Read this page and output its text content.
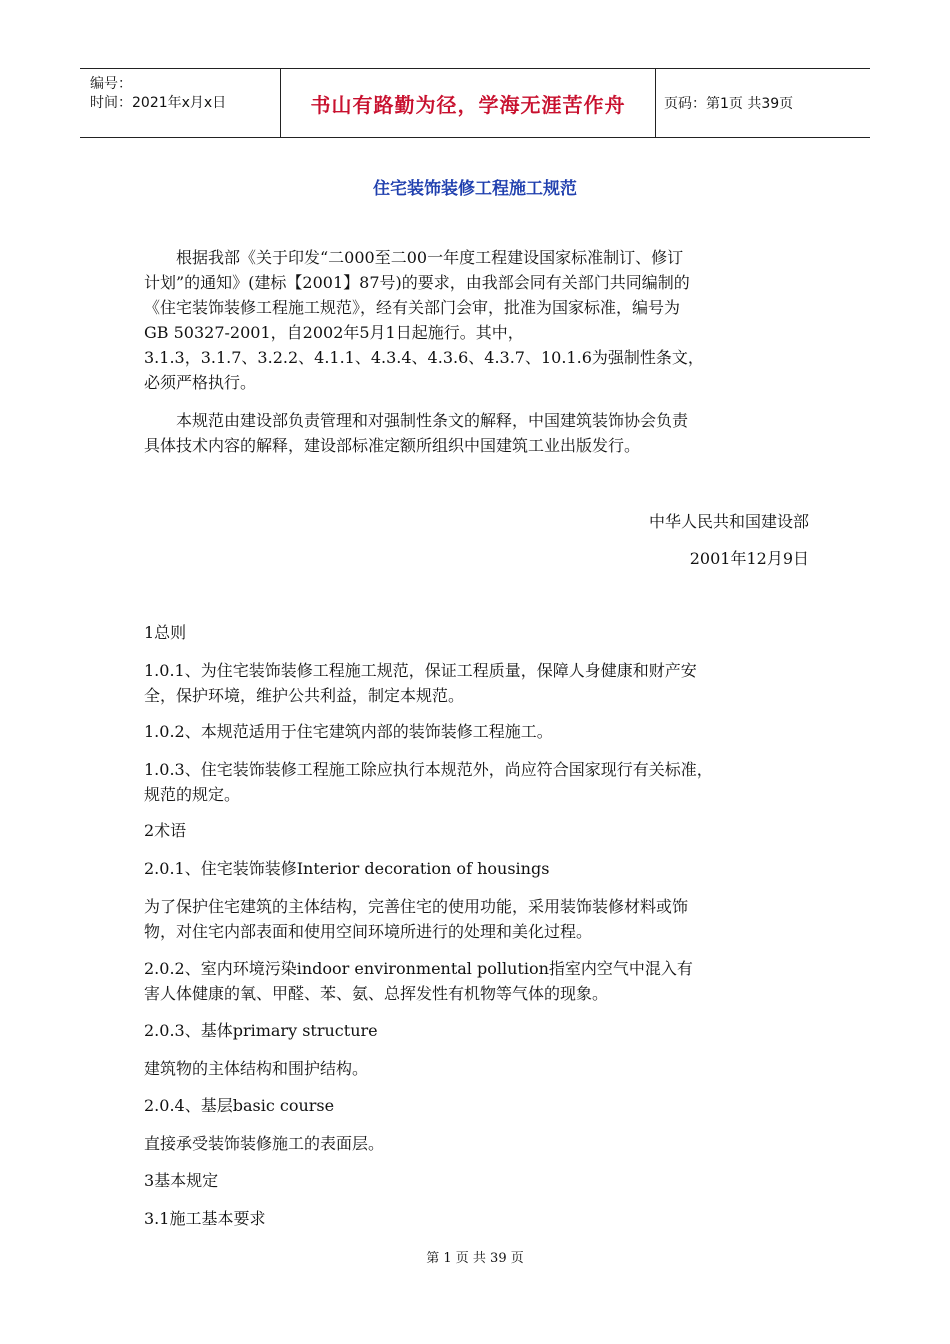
编号：
时间：2021年x月x日	书山有路勤为径，学海无涯苦作舟	页码：第1页 共39页
住宅装饰装修工程施工规范
根据我部《关于印发“二000至二00一年度工程建设国家标准制订、修订
计划”的通知》(建标【2001】87号)的要求，由我部会同有关部门共同编制的
《住宅装饰装修工程施工规范》，经有关部门会审，批准为国家标准，编号为
GB 50327-2001，自2002年5月1日起施行。其中，
3.1.3，3.1.7、3.2.2、4.1.1、4.3.4、4.3.6、4.3.7、10.1.6为强制性条文，
必须严格执行。
本规范由建设部负责管理和对强制性条文的解释，中国建筑装饰协会负责
具体技术内容的解释，建设部标准定额所组织中国建筑工业出版发行。
中华人民共和国建设部
2001年12月9日
1总则
1.0.1、为住宅装饰装修工程施工规范，保证工程质量，保障人身健康和财产安
全，保护环境，维护公共利益，制定本规范。
1.0.2、本规范适用于住宅建筑内部的装饰装修工程施工。
1.0.3、住宅装饰装修工程施工除应执行本规范外，尚应符合国家现行有关标准，
规范的规定。
2术语
2.0.1、住宅装饰装修Interior decoration of housings
为了保护住宅建筑的主体结构，完善住宅的使用功能，采用装饰装修材料或饰
物，对住宅内部表面和使用空间环境所进行的处理和美化过程。
2.0.2、室内环境污染indoor environmental pollution指室内空气中混入有
害人体健康的氧、甲醛、苯、氨、总挥发性有机物等气体的现象。
2.0.3、基体primary structure
建筑物的主体结构和围护结构。
2.0.4、基层basic course
直接承受装饰装修施工的表面层。
3基本规定
3.1施工基本要求
第 1 页 共 39 页
